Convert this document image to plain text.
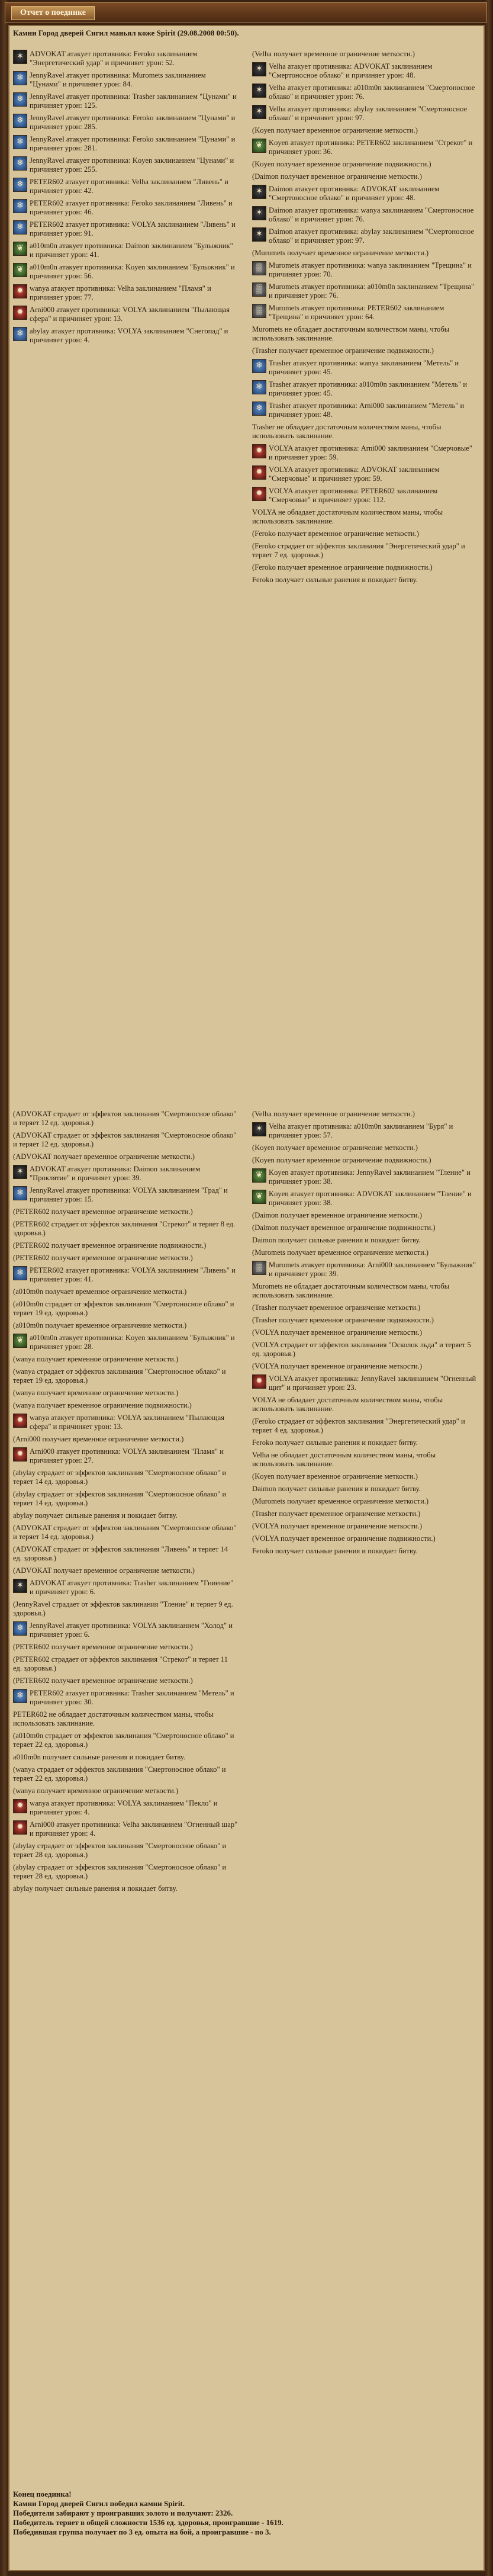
Отчет о поединке
Камни Город дверей Сигил маньял коже Spirit (29.08.2008 00:50).
✶ ADVOKAT атакует противника: Feroko заклинанием "Энергетический удар" и причиняет урон: 52.
❄ JennyRavel атакует противника: Muromets заклинанием "Цунами" и причиняет урон: 84.
❄ JennyRavel атакует противника: Trasher заклинанием "Цунами" и причиняет урон: 125.
❄ JennyRavel атакует противника: Feroko заклинанием "Цунами" и причиняет урон: 285.
❄ JennyRavel атакует противника: Feroko заклинанием "Цунами" и причиняет урон: 281.
❄ JennyRavel атакует противника: Koyen заклинанием "Цунами" и причиняет урон: 255.
❄ PETER602 атакует противника: Velha заклинанием "Ливень" и причиняет урон: 42.
❄ PETER602 атакует противника: Feroko заклинанием "Ливень" и причиняет урон: 46.
❄ PETER602 атакует противника: VOLYA заклинанием "Ливень" и причиняет урон: 91.
❦ a010m0n атакует противника: Daimon заклинанием "Булыжник" и причиняет урон: 41.
❦ a010m0n атакует противника: Koyen заклинанием "Булыжник" и причиняет урон: 56.
✹ wanya атакует противника: Velha заклинанием "Пламя" и причиняет урон: 77.
✹ Arni000 атакует противника: VOLYA заклинанием "Пылающая сфера" и причиняет урон: 13.
❄ abylay атакует противника: VOLYA заклинанием "Снегопад" и причиняет урон: 4.
(Velha получает временное ограничение меткости.)
✶ Velha атакует противника: ADVOKAT заклинанием "Смертоносное облако" и причиняет урон: 48.
✶ Velha атакует противника: a010m0n заклинанием "Смертоносное облако" и причиняет урон: 76.
✶ Velha атакует противника: abylay заклинанием "Смертоносное облако" и причиняет урон: 97.
(Koyen получает временное ограничение меткости.)
❦ Koyen атакует противника: PETER602 заклинанием "Стрекот" и причиняет урон: 36.
(Koyen получает временное ограничение подвижности.)
(Daimon получает временное ограничение меткости.)
✶ Daimon атакует противника: ADVOKAT заклинанием "Смертоносное облако" и причиняет урон: 48.
✶ Daimon атакует противника: wanya заклинанием "Смертоносное облако" и причиняет урон: 76.
✶ Daimon атакует противника: abylay заклинанием "Смертоносное облако" и причиняет урон: 97.
(Muromets получает временное ограничение меткости.)
▒ Muromets атакует противника: wanya заклинанием "Трещина" и причиняет урон: 70.
▒ Muromets атакует противника: a010m0n заклинанием "Трещина" и причиняет урон: 76.
▒ Muromets атакует противника: PETER602 заклинанием "Трещина" и причиняет урон: 64.
Muromets не обладает достаточным количеством маны, чтобы использовать заклинание.
(Trasher получает временное ограничение подвижности.)
❄ Trasher атакует противника: wanya заклинанием "Метель" и причиняет урон: 45.
❄ Trasher атакует противника: a010m0n заклинанием "Метель" и причиняет урон: 45.
❄ Trasher атакует противника: Arni000 заклинанием "Метель" и причиняет урон: 48.
Trasher не обладает достаточным количеством маны, чтобы использовать заклинание.
✹ VOLYA атакует противника: Arni000 заклинанием "Смерчовые" и причиняет урон: 59.
✹ VOLYA атакует противника: ADVOKAT заклинанием "Смерчовые" и причиняет урон: 59.
✹ VOLYA атакует противника: PETER602 заклинанием "Смерчовые" и причиняет урон: 112.
VOLYA не обладает достаточным количеством маны, чтобы использовать заклинание.
(Feroko получает временное ограничение меткости.)
(Feroko страдает от эффектов заклинания "Энергетический удар" и теряет 7 ед. здоровья.)
(Feroko получает временное ограничение подвижности.)
Feroko получает сильные ранения и покидает битву.
(ADVOKAT страдает от эффектов заклинания "Смертоносное облако" и теряет 12 ед. здоровья.)
(ADVOKAT страдает от эффектов заклинания "Смертоносное облако" и теряет 12 ед. здоровья.)
(ADVOKAT получает временное ограничение меткости.)
✶ ADVOKAT атакует противника: Daimon заклинанием "Проклятие" и причиняет урон: 39.
❄ JennyRavel атакует противника: VOLYA заклинанием "Град" и причиняет урон: 15.
(PETER602 получает временное ограничение меткости.)
(PETER602 страдает от эффектов заклинания "Стрекот" и теряет 8 ед. здоровья.)
(PETER602 получает временное ограничение подвижности.)
(PETER602 получает временное ограничение меткости.)
❄ PETER602 атакует противника: VOLYA заклинанием "Ливень" и причиняет урон: 41.
(a010m0n получает временное ограничение меткости.)
(a010m0n страдает от эффектов заклинания "Смертоносное облако" и теряет 19 ед. здоровья.)
(a010m0n получает временное ограничение меткости.)
❦ a010m0n атакует противника: Koyen заклинанием "Булыжник" и причиняет урон: 28.
(wanya получает временное ограничение меткости.)
(wanya страдает от эффектов заклинания "Смертоносное облако" и теряет 19 ед. здоровья.)
(wanya получает временное ограничение меткости.)
(wanya получает временное ограничение подвижности.)
✹ wanya атакует противника: VOLYA заклинанием "Пылающая сфера" и причиняет урон: 13.
(Arni000 получает временное ограничение меткости.)
✹ Arni000 атакует противника: VOLYA заклинанием "Пламя" и причиняет урон: 27.
(abylay страдает от эффектов заклинания "Смертоносное облако" и теряет 14 ед. здоровья.)
(abylay страдает от эффектов заклинания "Смертоносное облако" и теряет 14 ед. здоровья.)
abylay получает сильные ранения и покидает битву.
(ADVOKAT страдает от эффектов заклинания "Смертоносное облако" и теряет 14 ед. здоровья.)
(ADVOKAT страдает от эффектов заклинания "Ливень" и теряет 14 ед. здоровья.)
(ADVOKAT получает временное ограничение меткости.)
✶ ADVOKAT атакует противника: Trasher заклинанием "Гниение" и причиняет урон: 6.
(JennyRavel страдает от эффектов заклинания "Тление" и теряет 9 ед. здоровья.)
❄ JennyRavel атакует противника: VOLYA заклинанием "Холод" и причиняет урон: 6.
(PETER602 получает временное ограничение меткости.)
(PETER602 страдает от эффектов заклинания "Стрекот" и теряет 11 ед. здоровья.)
(PETER602 получает временное ограничение меткости.)
❄ PETER602 атакует противника: Trasher заклинанием "Метель" и причиняет урон: 30.
PETER602 не обладает достаточным количеством маны, чтобы использовать заклинание.
(a010m0n страдает от эффектов заклинания "Смертоносное облако" и теряет 22 ед. здоровья.)
a010m0n получает сильные ранения и покидает битву.
(wanya страдает от эффектов заклинания "Смертоносное облако" и теряет 22 ед. здоровья.)
(wanya получает временное ограничение меткости.)
✹ wanya атакует противника: VOLYA заклинанием "Пекло" и причиняет урон: 4.
✹ Arni000 атакует противника: Velha заклинанием "Огненный шар" и причиняет урон: 4.
(abylay страдает от эффектов заклинания "Смертоносное облако" и теряет 28 ед. здоровья.)
(abylay страдает от эффектов заклинания "Смертоносное облако" и теряет 28 ед. здоровья.)
abylay получает сильные ранения и покидает битву.
(Velha получает временное ограничение меткости.)
✶ Velha атакует противника: a010m0n заклинанием "Буря" и причиняет урон: 57.
(Koyen получает временное ограничение меткости.)
(Koyen получает временное ограничение подвижности.)
❦ Koyen атакует противника: JennyRavel заклинанием "Тление" и причиняет урон: 38.
❦ Koyen атакует противника: ADVOKAT заклинанием "Тление" и причиняет урон: 38.
(Daimon получает временное ограничение меткости.)
(Daimon получает временное ограничение подвижности.)
Daimon получает сильные ранения и покидает битву.
(Muromets получает временное ограничение меткости.)
▒ Muromets атакует противника: Arni000 заклинанием "Булыжник" и причиняет урон: 39.
Muromets не обладает достаточным количеством маны, чтобы использовать заклинание.
(Trasher получает временное ограничение меткости.)
(Trasher получает временное ограничение подвижности.)
(VOLYA получает временное ограничение меткости.)
(VOLYA страдает от эффектов заклинания "Осколок льда" и теряет 5 ед. здоровья.)
(VOLYA получает временное ограничение меткости.)
✹ VOLYA атакует противника: JennyRavel заклинанием "Огненный щит" и причиняет урон: 23.
VOLYA не обладает достаточным количеством маны, чтобы использовать заклинание.
(Feroko страдает от эффектов заклинания "Энергетический удар" и теряет 4 ед. здоровья.)
Feroko получает сильные ранения и покидает битву.
Velha не обладает достаточным количеством маны, чтобы использовать заклинание.
(Koyen получает временное ограничение меткости.)
Daimon получает сильные ранения и покидает битву.
(Muromets получает временное ограничение меткости.)
(Trasher получает временное ограничение меткости.)
(VOLYA получает временное ограничение меткости.)
(VOLYA получает временное ограничение подвижности.)
Feroko получает сильные ранения и покидает битву.
Конец поединка!
Камни Город дверей Сигил победил камни Spirit.
Победители забирают у проигравших золото и получают: 2326.
Победитель теряет в общей сложности 1536 ед. здоровья, проигравшие - 1619.
Победившая группа получает по 3 ед. опыта на бой, а проигравшие - по 3.
